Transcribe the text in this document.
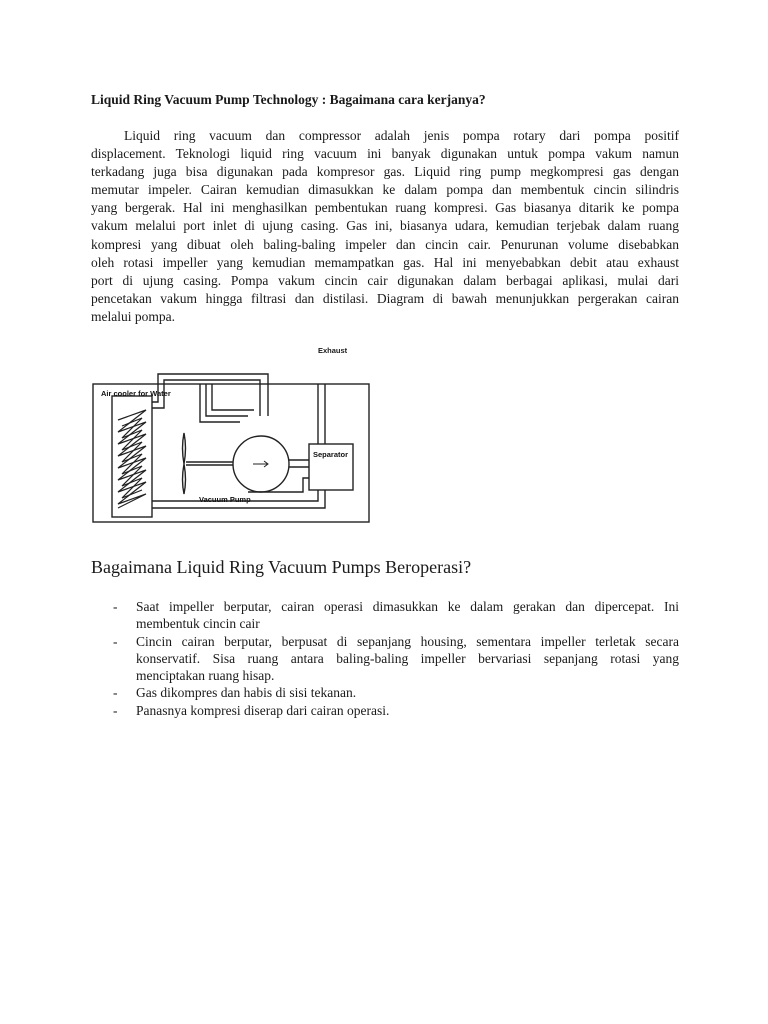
Liquid Ring Vacuum Pump Technology : Bagaimana cara kerjanya?
Liquid ring vacuum dan compressor adalah jenis pompa rotary dari pompa positif
displacement. Teknologi liquid ring vacuum ini banyak digunakan untuk pompa vakum namun
terkadang juga bisa digunakan pada kompresor gas. Liquid ring pump megkompresi gas dengan
memutar impeler. Cairan kemudian dimasukkan ke dalam pompa dan membentuk cincin silindris
yang bergerak. Hal ini menghasilkan pembentukan ruang kompresi. Gas biasanya ditarik ke pompa
vakum melalui port inlet di ujung casing. Gas ini, biasanya udara, kemudian terjebak dalam ruang
kompresi yang dibuat oleh baling-baling impeler dan cincin cair. Penurunan volume disebabkan
oleh rotasi impeller yang kemudian memampatkan gas. Hal ini menyebabkan debit atau exhaust
port di ujung casing. Pompa vakum cincin cair digunakan dalam berbagai aplikasi, mulai dari
pencetakan vakum hingga filtrasi dan distilasi. Diagram di bawah menunjukkan pergerakan cairan
melalui pompa.
Exhaust
Air cooler for Water
Separator
Vacuum Pump
Bagaimana Liquid Ring Vacuum Pumps Beroperasi?
- Saat impeller berputar, cairan operasi dimasukkan ke dalam gerakan dan dipercepat. Ini
membentuk cincin cair
- Cincin cairan berputar, berpusat di sepanjang housing, sementara impeller terletak secara
konservatif. Sisa ruang antara baling-baling impeller bervariasi sepanjang rotasi yang
menciptakan ruang hisap.
- Gas dikompres dan habis di sisi tekanan.
- Panasnya kompresi diserap dari cairan operasi.
